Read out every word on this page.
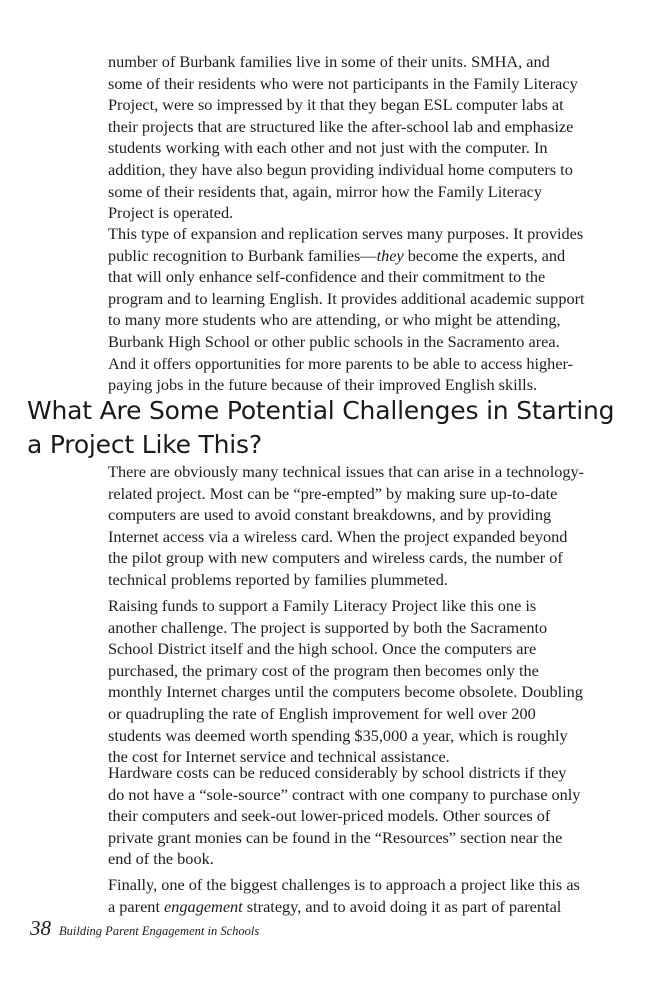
number of Burbank families live in some of their units. SMHA, and some of their residents who were not participants in the Family Literacy Project, were so impressed by it that they began ESL computer labs at their projects that are structured like the after-school lab and emphasize students working with each other and not just with the computer. In addition, they have also begun providing individual home computers to some of their residents that, again, mirror how the Family Literacy Project is operated.

This type of expansion and replication serves many purposes. It provides public recognition to Burbank families—they become the experts, and that will only enhance self-confidence and their commitment to the program and to learning English. It provides additional academic support to many more students who are attending, or who might be attending, Burbank High School or other public schools in the Sacramento area. And it offers opportunities for more parents to be able to access higher-paying jobs in the future because of their improved English skills.

What Are Some Potential Challenges in Starting a Project Like This?

There are obviously many technical issues that can arise in a technology-related project. Most can be “pre-empted” by making sure up-to-date computers are used to avoid constant breakdowns, and by providing Internet access via a wireless card. When the project expanded beyond the pilot group with new computers and wireless cards, the number of technical problems reported by families plummeted.

Raising funds to support a Family Literacy Project like this one is another challenge. The project is supported by both the Sacramento School District itself and the high school. Once the computers are purchased, the primary cost of the program then becomes only the monthly Internet charges until the computers become obsolete. Doubling or quadrupling the rate of English improvement for well over 200 students was deemed worth spending $35,000 a year, which is roughly the cost for Internet service and technical assistance.

Hardware costs can be reduced considerably by school districts if they do not have a “sole-source” contract with one company to purchase only their computers and seek-out lower-priced models. Other sources of private grant monies can be found in the “Resources” section near the end of the book.

Finally, one of the biggest challenges is to approach a project like this as a parent engagement strategy, and to avoid doing it as part of parental

38 Building Parent Engagement in Schools
